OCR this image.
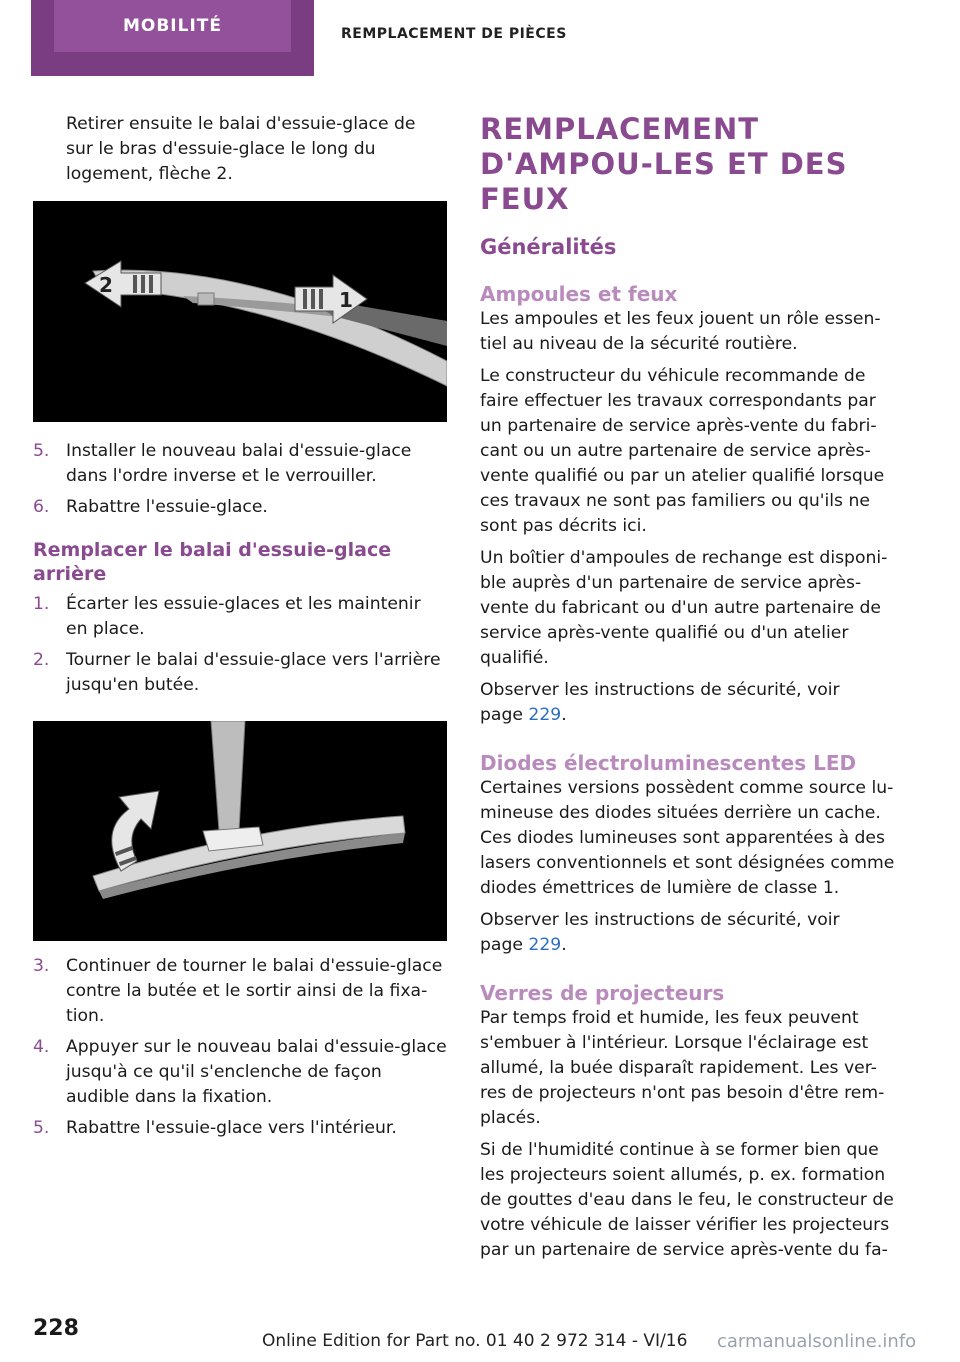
MOBILITÉ	REMPLACEMENT DE PIÈCES

Retirer ensuite le balai d'essuie-glace de sur le bras d'essuie-glace le long du logement, flèche 2.

2
1
5. Installer le nouveau balai d'essuie-glace dans l'ordre inverse et le verrouiller.
6. Rabattre l'essuie-glace.
Remplacer le balai d'essuie-glace arrière
1. Écarter les essuie-glaces et les maintenir en place.
2. Tourner le balai d'essuie-glace vers l'arrière jusqu'en butée.
3. Continuer de tourner le balai d'essuie-glace contre la butée et le sortir ainsi de la fixa-tion.
4. Appuyer sur le nouveau balai d'essuie-glace jusqu'à ce qu'il s'enclenche de façon audible dans la fixation.
5. Rabattre l'essuie-glace vers l'intérieur.
REMPLACEMENT D'AMPOU-LES ET DES FEUX
Généralités
Ampoules et feux

Les ampoules et les feux jouent un rôle essen-tiel au niveau de la sécurité routière.

Le constructeur du véhicule recommande de faire effectuer les travaux correspondants par un partenaire de service après-vente du fabri-cant ou un autre partenaire de service après-vente qualifié ou par un atelier qualifié lorsque ces travaux ne sont pas familiers ou qu'ils ne sont pas décrits ici.

Un boîtier d'ampoules de rechange est disponi-ble auprès d'un partenaire de service après-vente du fabricant ou d'un autre partenaire de service après-vente qualifié ou d'un atelier qualifié.

Observer les instructions de sécurité, voir
page 229.

Diodes électroluminescentes LED

Certaines versions possèdent comme source lu-mineuse des diodes situées derrière un cache. Ces diodes lumineuses sont apparentées à des lasers conventionnels et sont désignées comme diodes émettrices de lumière de classe 1.

Observer les instructions de sécurité, voir
page 229.

Verres de projecteurs

Par temps froid et humide, les feux peuvent s'embuer à l'intérieur. Lorsque l'éclairage est allumé, la buée disparaît rapidement. Les ver-res de projecteurs n'ont pas besoin d'être rem-placés.

Si de l'humidité continue à se former bien que les projecteurs soient allumés, p. ex. formation de gouttes d'eau dans le feu, le constructeur de votre véhicule de laisser vérifier les projecteurs par un partenaire de service après-vente du fa-

228	Online Edition for Part no. 01 40 2 972 314 - VI/16 carmanualsonline.info
